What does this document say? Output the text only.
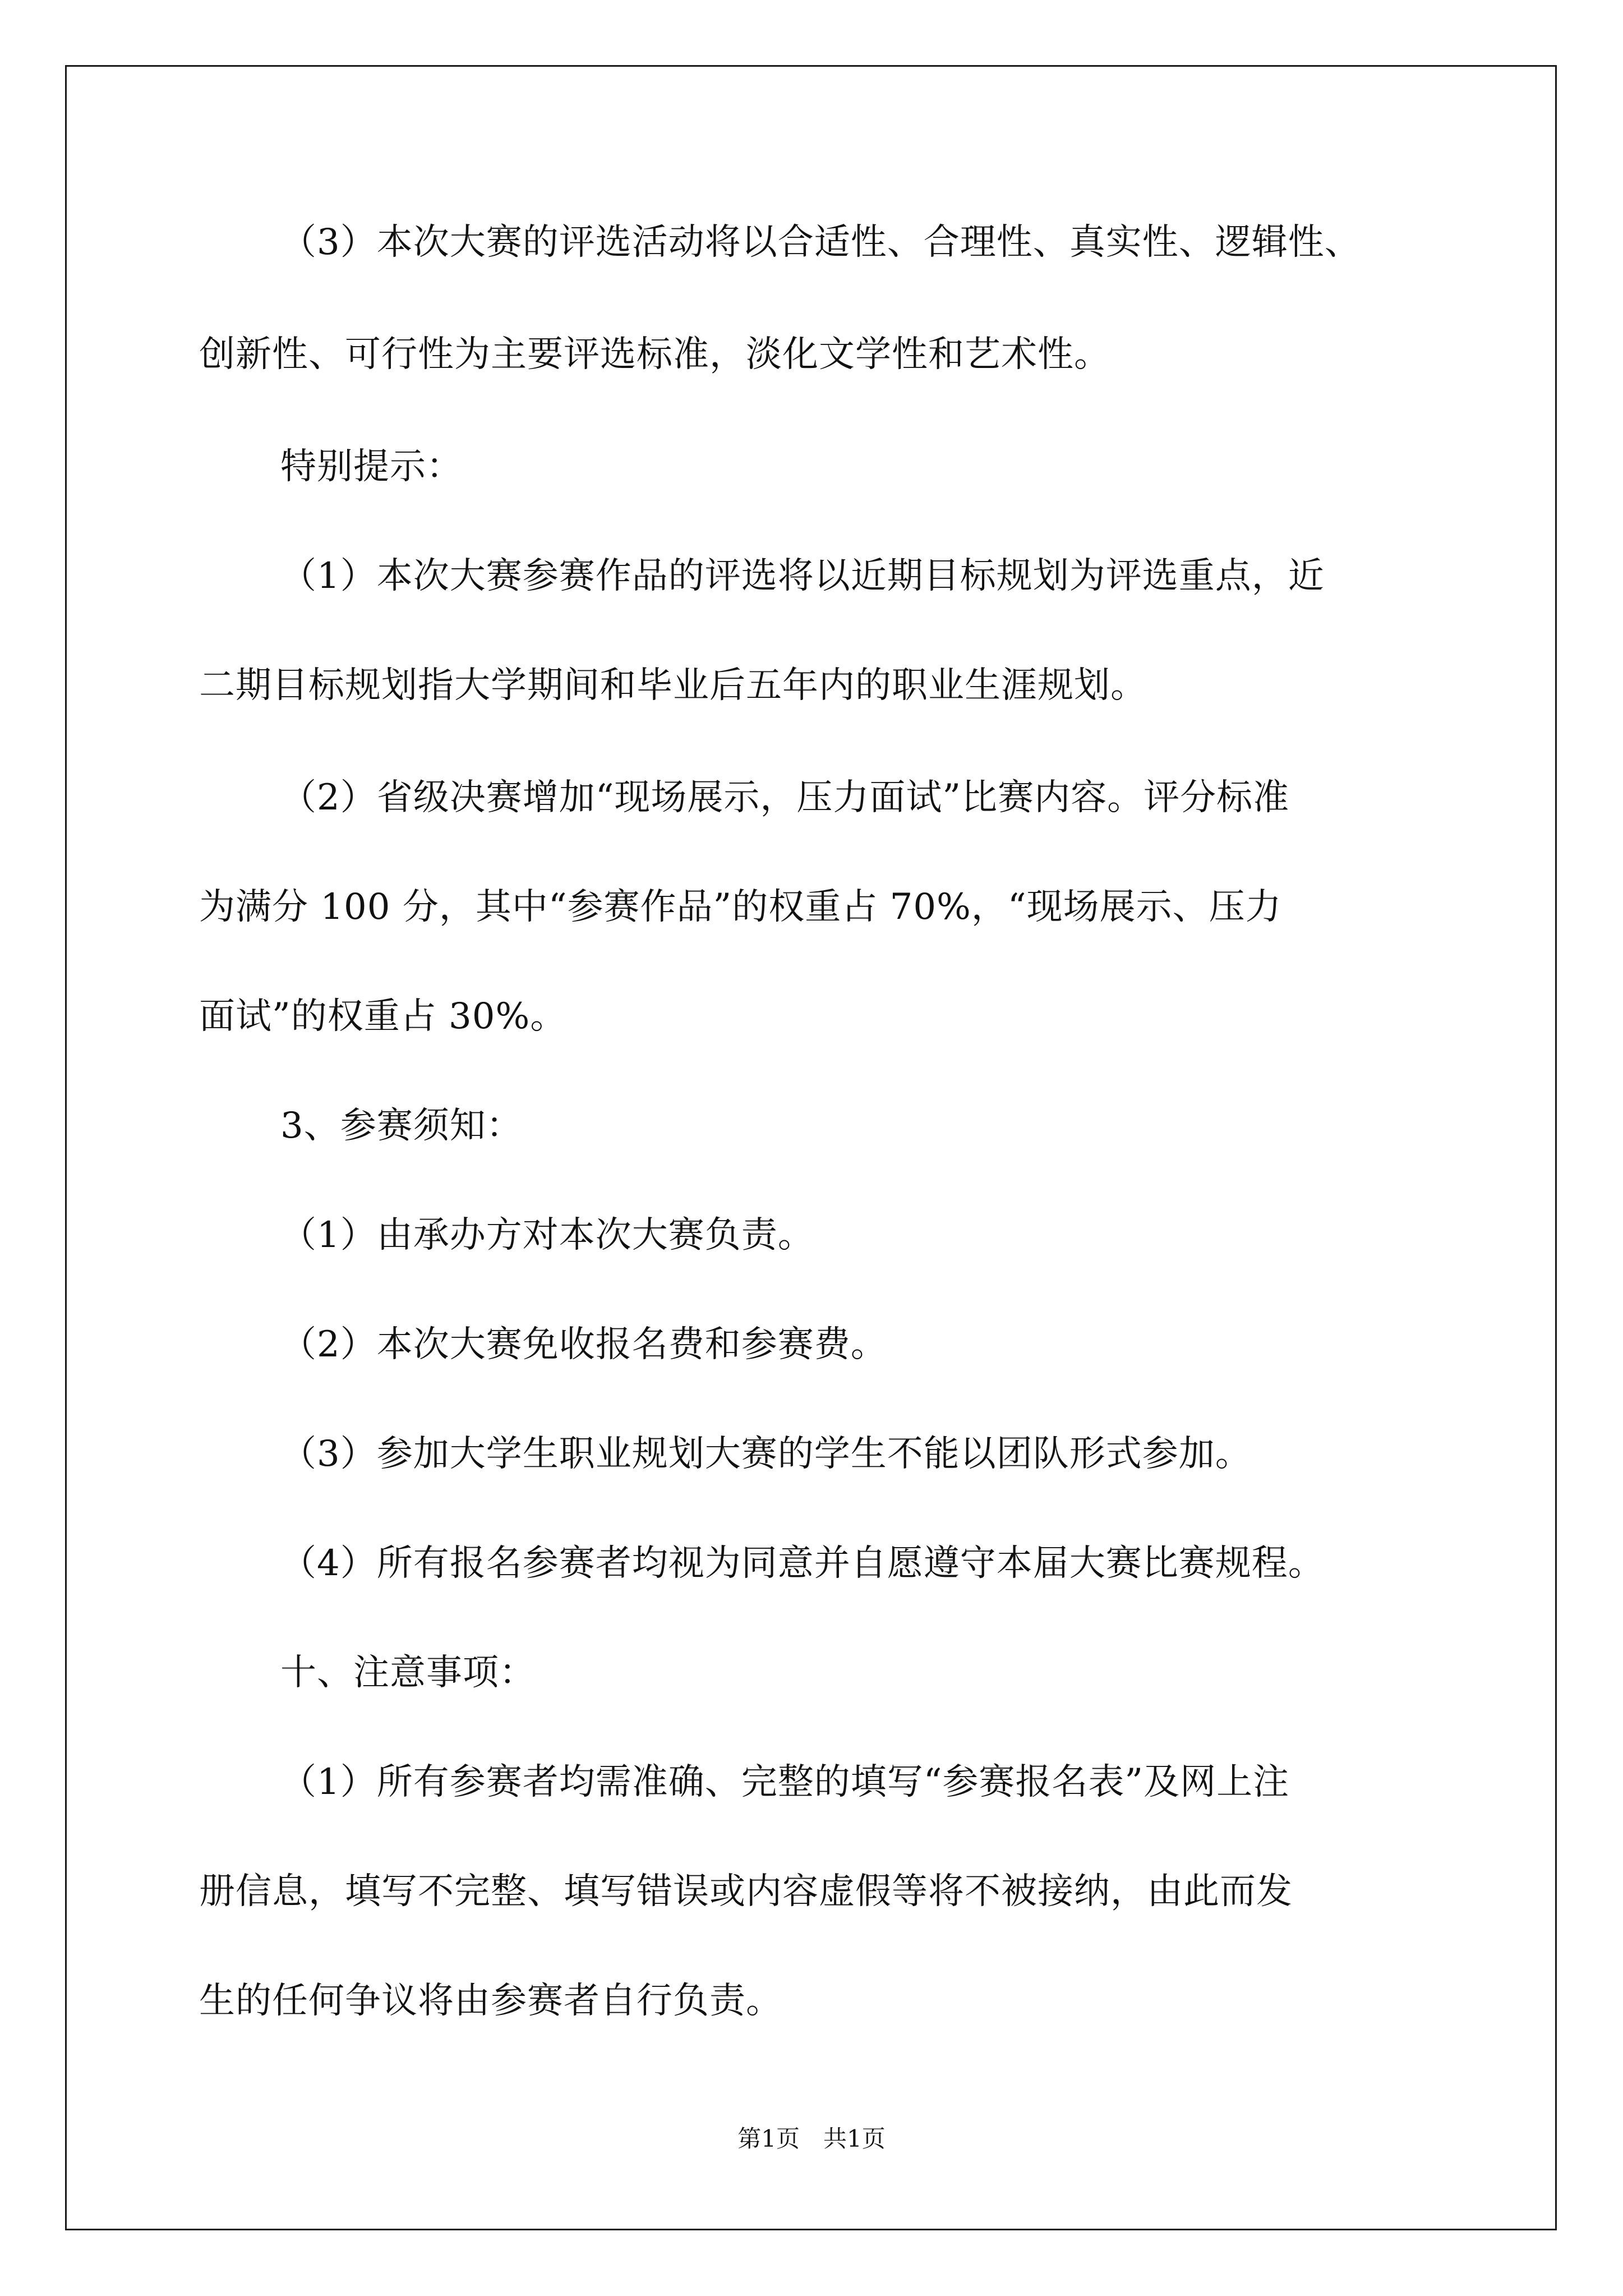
（3）本次大赛的评选活动将以合适性、合理性、真实性、逻辑性、

创新性、可行性为主要评选标准，淡化文学性和艺术性。

特别提示：

（1）本次大赛参赛作品的评选将以近期目标规划为评选重点，近

二期目标规划指大学期间和毕业后五年内的职业生涯规划。

（2）省级决赛增加“现场展示，压力面试”比赛内容。评分标准

为满分 100 分，其中“参赛作品”的权重占 70%，“现场展示、压力

面试”的权重占 30%。

3、参赛须知：

（1）由承办方对本次大赛负责。

（2）本次大赛免收报名费和参赛费。

（3）参加大学生职业规划大赛的学生不能以团队形式参加。

（4）所有报名参赛者均视为同意并自愿遵守本届大赛比赛规程。

十、注意事项：

（1）所有参赛者均需准确、完整的填写“参赛报名表”及网上注

册信息，填写不完整、填写错误或内容虚假等将不被接纳，由此而发

生的任何争议将由参赛者自行负责。

第1页　共1页
